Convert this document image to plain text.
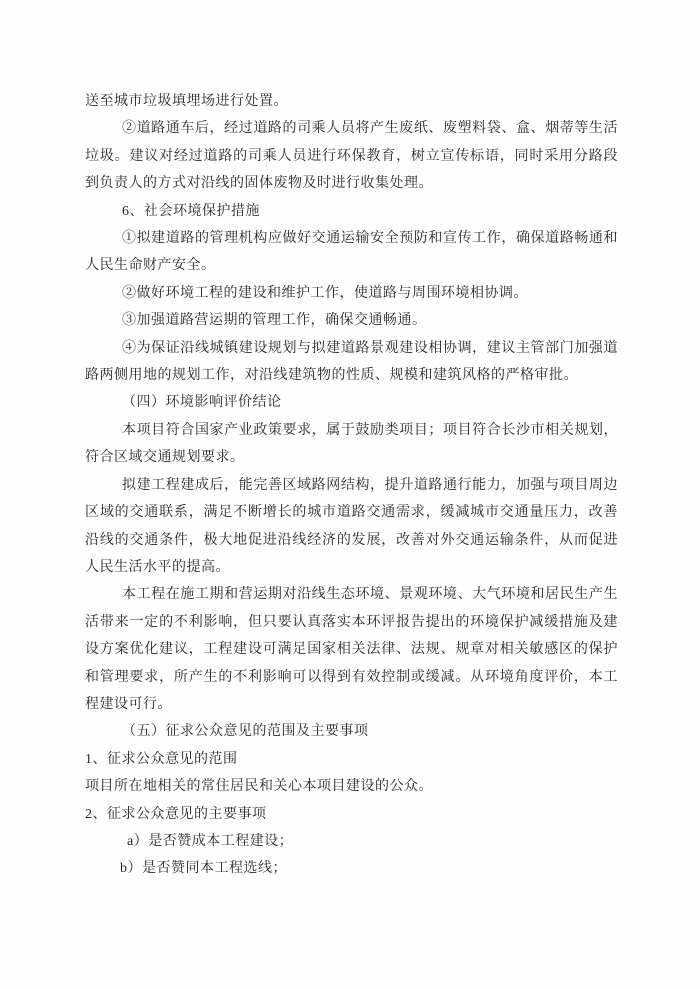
送至城市垃圾填埋场进行处置。

②道路通车后，经过道路的司乘人员将产生废纸、废塑料袋、盒、烟蒂等生活垃圾。建议对经过道路的司乘人员进行环保教育，树立宣传标语，同时采用分路段到负责人的方式对沿线的固体废物及时进行收集处理。

6、社会环境保护措施

①拟建道路的管理机构应做好交通运输安全预防和宣传工作，确保道路畅通和人民生命财产安全。

②做好环境工程的建设和维护工作，使道路与周围环境相协调。

③加强道路营运期的管理工作，确保交通畅通。

④为保证沿线城镇建设规划与拟建道路景观建设相协调，建议主管部门加强道路两侧用地的规划工作，对沿线建筑物的性质、规模和建筑风格的严格审批。

（四）环境影响评价结论

本项目符合国家产业政策要求，属于鼓励类项目；项目符合长沙市相关规划，符合区域交通规划要求。

拟建工程建成后，能完善区域路网结构，提升道路通行能力，加强与项目周边区域的交通联系，满足不断增长的城市道路交通需求，缓减城市交通量压力，改善沿线的交通条件，极大地促进沿线经济的发展，改善对外交通运输条件，从而促进人民生活水平的提高。

本工程在施工期和营运期对沿线生态环境、景观环境、大气环境和居民生产生活带来一定的不利影响，但只要认真落实本环评报告提出的环境保护减缓措施及建设方案优化建议，工程建设可满足国家相关法律、法规、规章对相关敏感区的保护和管理要求，所产生的不利影响可以得到有效控制或缓减。从环境角度评价，本工程建设可行。

（五）征求公众意见的范围及主要事项

1、征求公众意见的范围

项目所在地相关的常住居民和关心本项目建设的公众。

2、征求公众意见的主要事项

a）是否赞成本工程建设；

b）是否赞同本工程选线；
